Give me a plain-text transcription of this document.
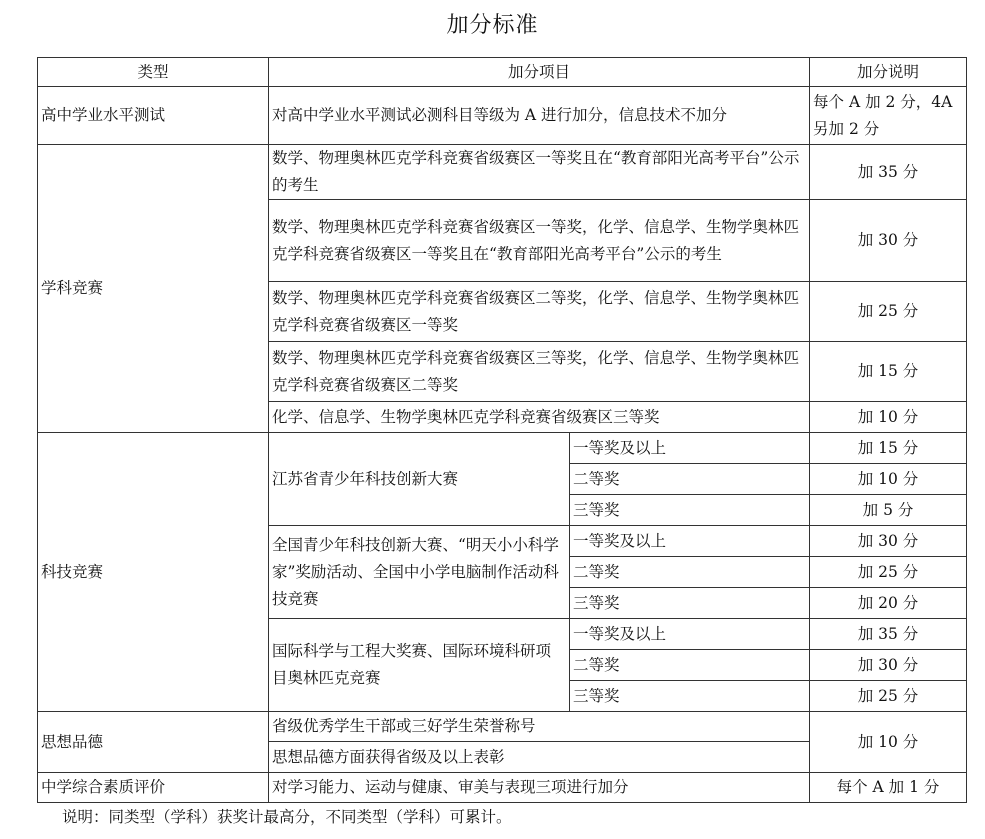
加分标准
类型	加分项目		加分说明
高中学业水平测试	对高中学业水平测试必测科目等级为 A 进行加分，信息技术不加分		每个 A 加 2 分，4A 另加 2 分
学科竞赛	数学、物理奥林匹克学科竞赛省级赛区一等奖且在“教育部阳光高考平台”公示的考生		加 35 分
	数学、物理奥林匹克学科竞赛省级赛区一等奖，化学、信息学、生物学奥林匹克学科竞赛省级赛区一等奖且在“教育部阳光高考平台”公示的考生		加 30 分
	数学、物理奥林匹克学科竞赛省级赛区二等奖，化学、信息学、生物学奥林匹克学科竞赛省级赛区一等奖		加 25 分
	数学、物理奥林匹克学科竞赛省级赛区三等奖，化学、信息学、生物学奥林匹克学科竞赛省级赛区二等奖		加 15 分
	化学、信息学、生物学奥林匹克学科竞赛省级赛区三等奖		加 10 分
科技竞赛	江苏省青少年科技创新大赛	一等奖及以上	加 15 分
		二等奖	加 10 分
		三等奖	加 5 分
	全国青少年科技创新大赛、“明天小小科学家”奖励活动、全国中小学电脑制作活动科技竞赛	一等奖及以上	加 30 分
		二等奖	加 25 分
		三等奖	加 20 分
	国际科学与工程大奖赛、国际环境科研项目奥林匹克竞赛	一等奖及以上	加 35 分
		二等奖	加 30 分
		三等奖	加 25 分
思想品德	省级优秀学生干部或三好学生荣誉称号		加 10 分
	思想品德方面获得省级及以上表彰		
中学综合素质评价	对学习能力、运动与健康、审美与表现三项进行加分		每个 A 加 1 分
说明：同类型（学科）获奖计最高分，不同类型（学科）可累计。
